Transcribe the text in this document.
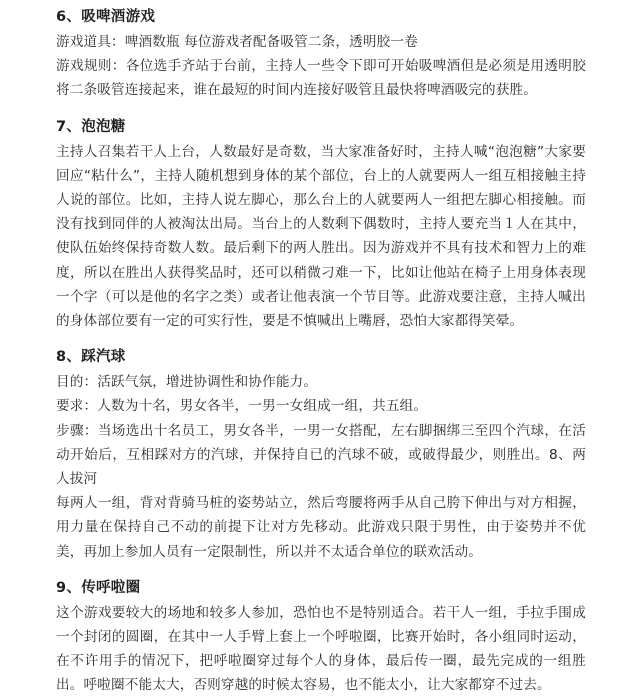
6、吸啤酒游戏

游戏道具：啤酒数瓶 每位游戏者配备吸管二条，透明胶一卷

游戏规则：各位选手齐站于台前，主持人一些令下即可开始吸啤酒但是必须是用透明胶将二条吸管连接起来，谁在最短的时间内连接好吸管且最快将啤酒吸完的获胜。

7、泡泡糖

主持人召集若干人上台，人数最好是奇数，当大家准备好时，主持人喊“泡泡糖”大家要回应“粘什么”，主持人随机想到身体的某个部位，台上的人就要两人一组互相接触主持人说的部位。比如，主持人说左脚心，那么台上的人就要两人一组把左脚心相接触。而没有找到同伴的人被淘汰出局。当台上的人数剩下偶数时，主持人要充当１人在其中，使队伍始终保持奇数人数。最后剩下的两人胜出。因为游戏并不具有技术和智力上的难度，所以在胜出人获得奖品时，还可以稍微刁难一下，比如让他站在椅子上用身体表现一个字（可以是他的名字之类）或者让他表演一个节目等。此游戏要注意，主持人喊出的身体部位要有一定的可实行性，要是不慎喊出上嘴唇，恐怕大家都得笑晕。

8、踩汽球

目的：活跃气氛，增进协调性和协作能力。

要求：人数为十名，男女各半，一男一女组成一组，共五组。

步骤：当场选出十名员工，男女各半，一男一女搭配，左右脚捆绑三至四个汽球，在活动开始后，互相踩对方的汽球，并保持自已的汽球不破，或破得最少，则胜出。8、两人拔河

每两人一组，背对背骑马桩的姿势站立，然后弯腰将两手从自己胯下伸出与对方相握，用力量在保持自己不动的前提下让对方先移动。此游戏只限于男性，由于姿势并不优美，再加上参加人员有一定限制性，所以并不太适合单位的联欢活动。

9、传呼啦圈

这个游戏要较大的场地和较多人参加，恐怕也不是特别适合。若干人一组，手拉手围成一个封闭的圆圈，在其中一人手臂上套上一个呼啦圈，比赛开始时，各小组同时运动，在不许用手的情况下，把呼啦圈穿过每个人的身体，最后传一圈，最先完成的一组胜出。呼啦圈不能太大，否则穿越的时候太容易，也不能太小，让大家都穿不过去。
